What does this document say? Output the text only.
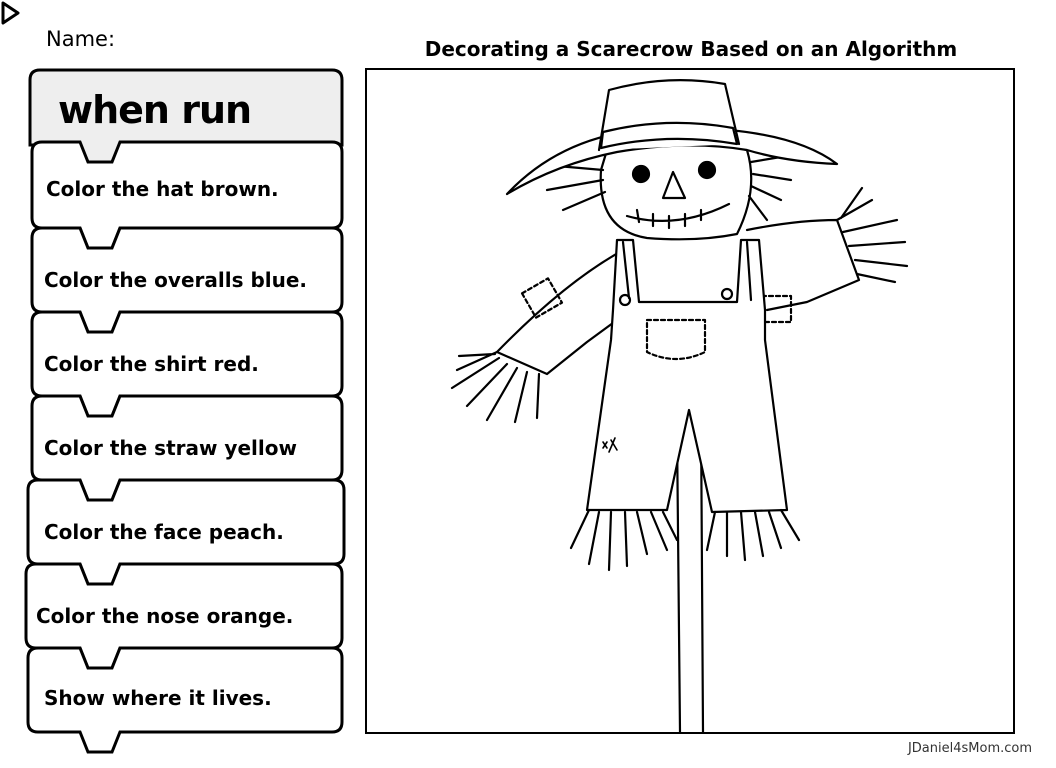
Name:	Decorating a Scarecrow Based on an Algorithm
when run
Color the hat brown.
Color the overalls blue.
Color the shirt red.
Color the straw yellow
Color the face peach.
Color the nose orange.
Show where it lives.
JDaniel4sMom.com
